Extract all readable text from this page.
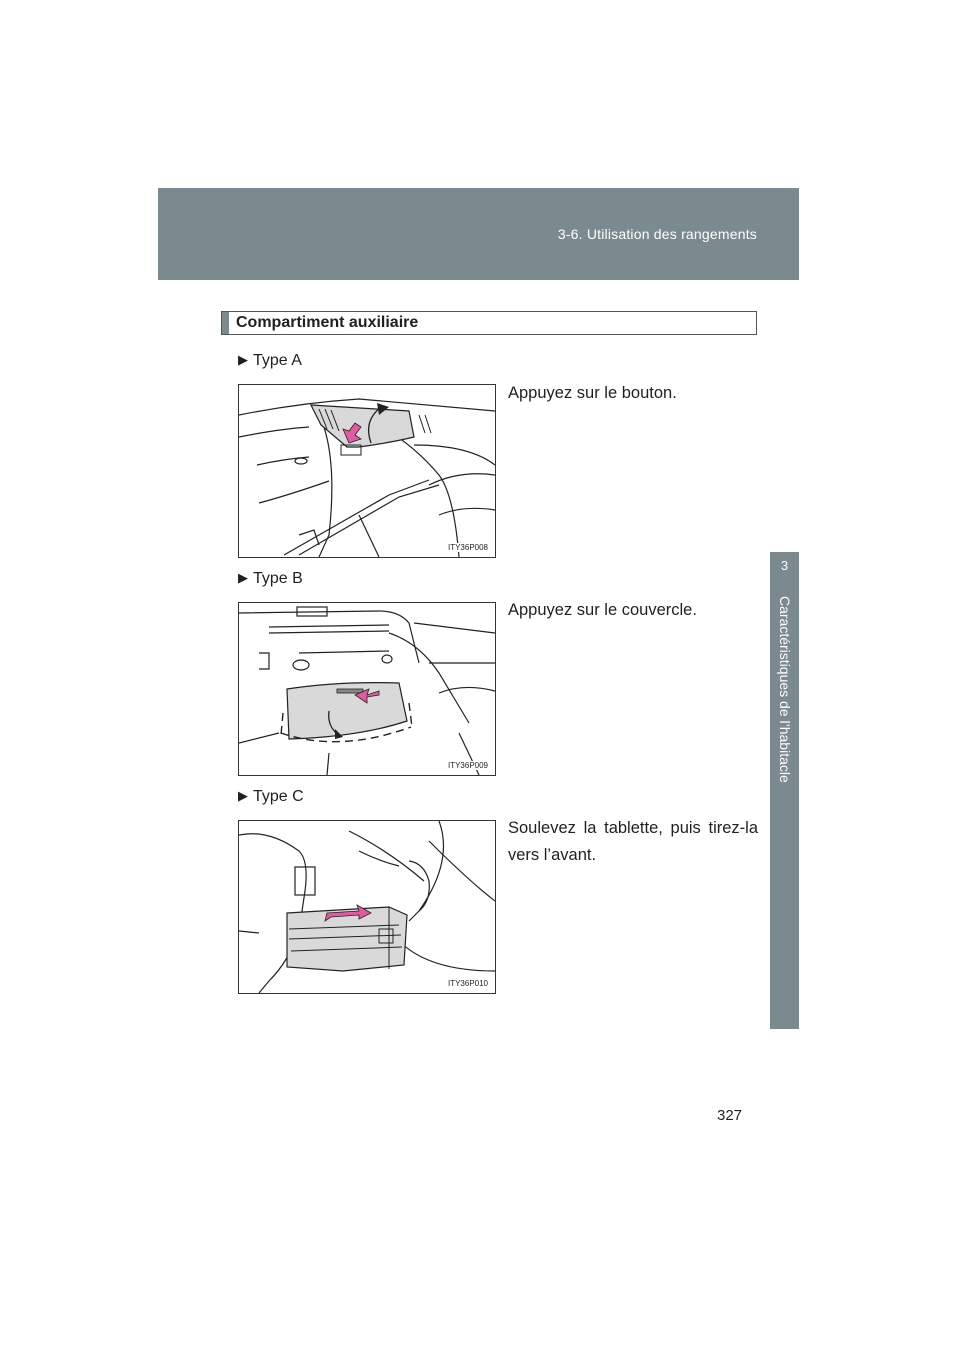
3-6. Utilisation des rangements
3
Caractéristiques de l’habitacle
Compartiment auxiliaire
▶ Type A
Appuyez sur le bouton.
ITY36P008
▶ Type B
Appuyez sur le couvercle.
ITY36P009
▶ Type C
Soulevez la tablette, puis tirez-la vers l’avant.
ITY36P010
327
